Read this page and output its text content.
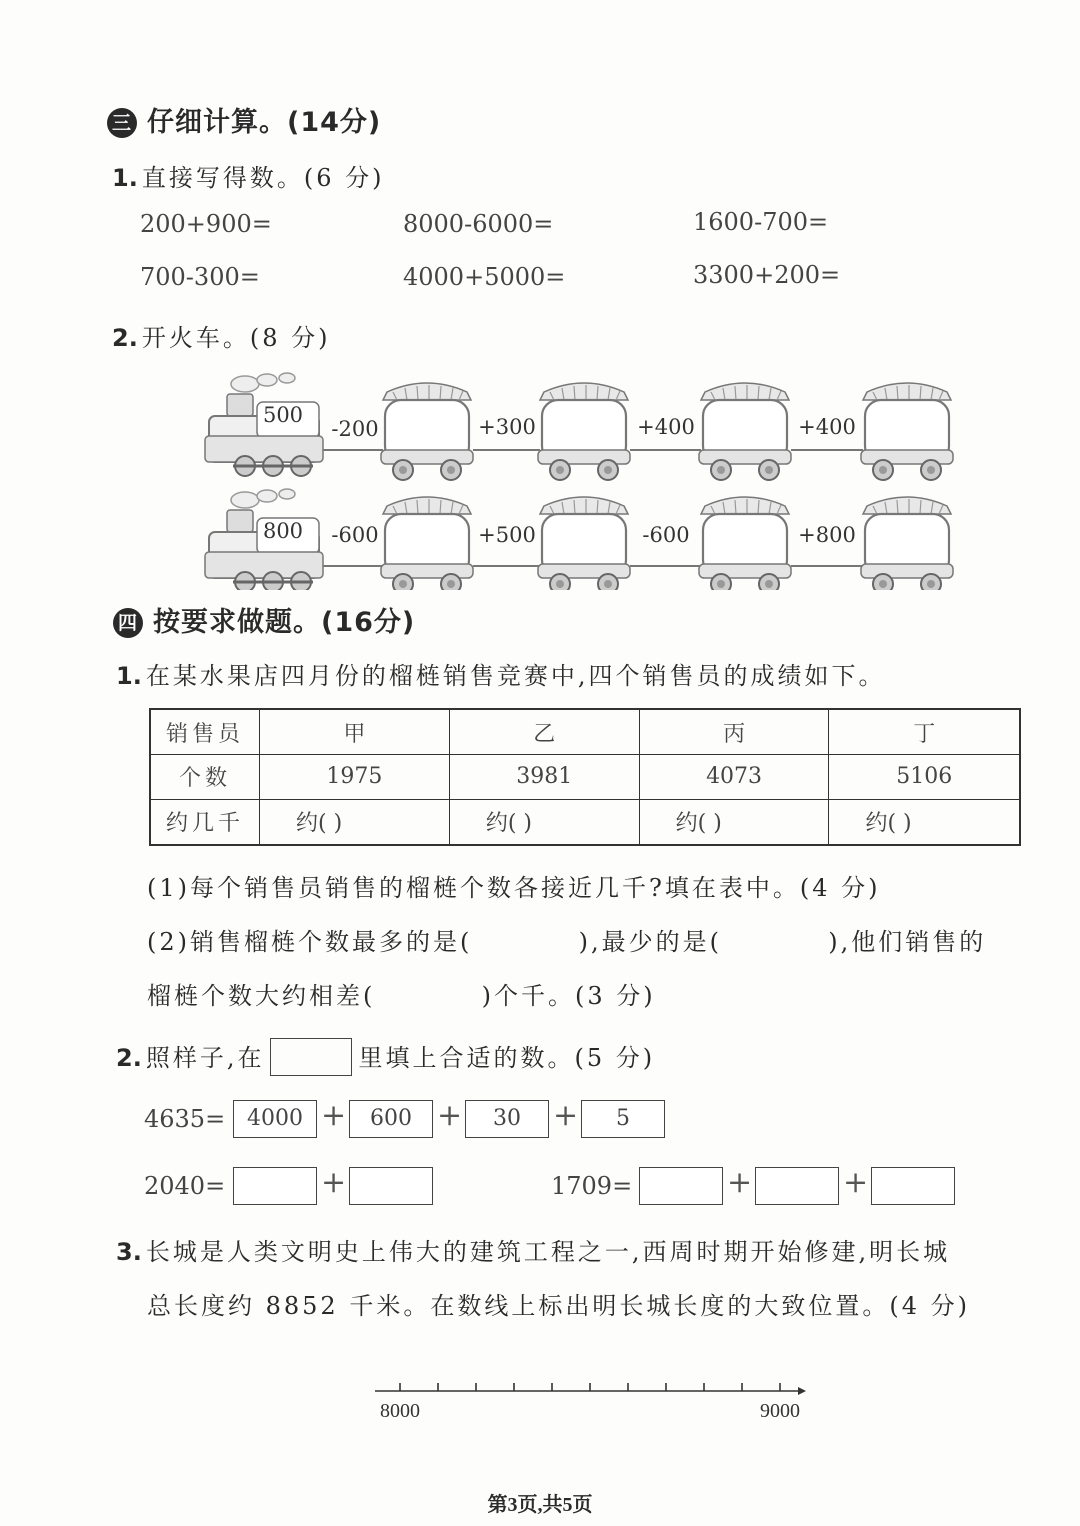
三 仔细计算。(14分)
1. 直接写得数。(6 分)
200+900=	8000-6000=	1600-700=
700-300=	4000+5000=	3300+200=
2. 开火车。(8 分)
500
-200	+300	+400	+400
800 -600	+500	-600	+800
四 按要求做题。(16分)
1. 在某水果店四月份的榴梿销售竞赛中,四个销售员的成绩如下。
销售员	甲	乙	丙	丁
个数	1975	3981	4073	5106
约几千	约( )	约( )	约( )	约( )
(1)每个销售员销售的榴梿个数各接近几千?填在表中。(4 分)
(2)销售榴梿个数最多的是(          ),最少的是(          ),他们销售的
榴梿个数大约相差(          )个千。(3 分)
2. 照样子,在	里填上合适的数。(5 分)
4635= 4000 +	600 +	30	+	5
2040=	+	1709=	+	+
3. 长城是人类文明史上伟大的建筑工程之一,西周时期开始修建,明长城
总长度约 8852 千米。在数线上标出明长城长度的大致位置。(4 分)
8000	9000
第3页,共5页
